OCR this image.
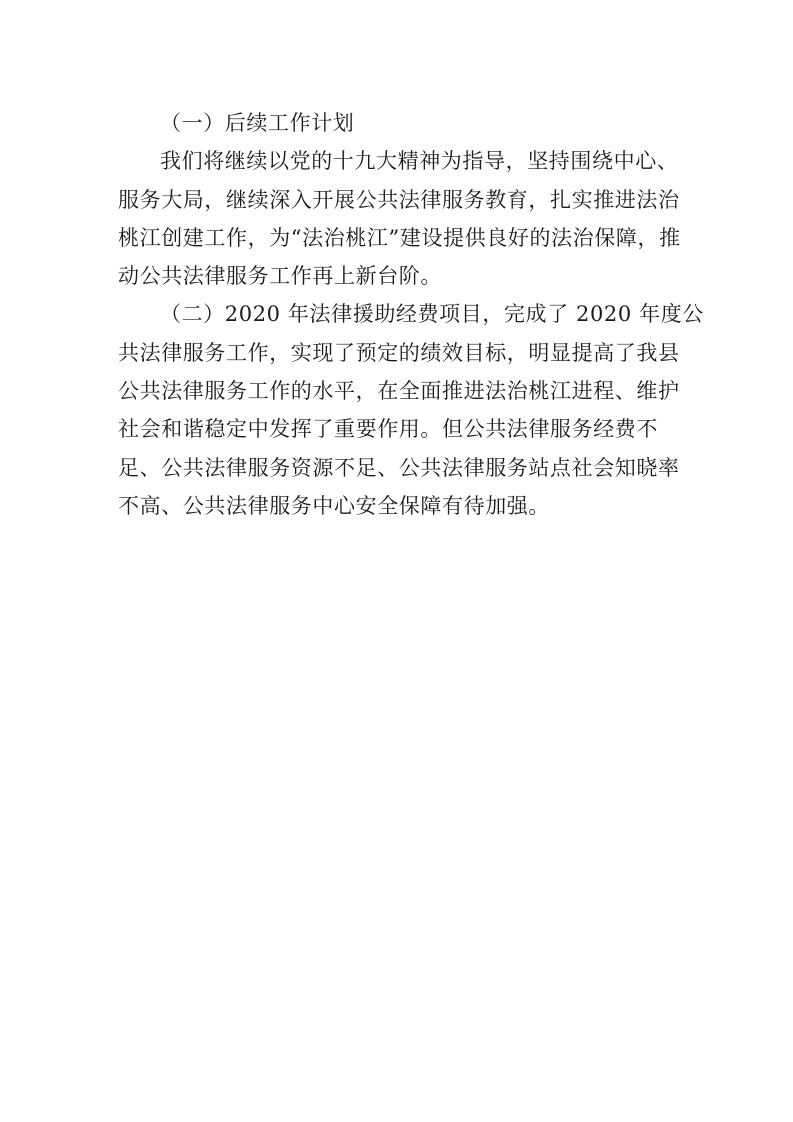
（一）后续工作计划
我们将继续以党的十九大精神为指导，坚持围绕中心、
服务大局，继续深入开展公共法律服务教育，扎实推进法治
桃江创建工作，为“法治桃江”建设提供良好的法治保障，推
动公共法律服务工作再上新台阶。
（二）2020 年法律援助经费项目，完成了 2020 年度公
共法律服务工作，实现了预定的绩效目标，明显提高了我县
公共法律服务工作的水平，在全面推进法治桃江进程、维护
社会和谐稳定中发挥了重要作用。但公共法律服务经费不
足、公共法律服务资源不足、公共法律服务站点社会知晓率
不高、公共法律服务中心安全保障有待加强。
